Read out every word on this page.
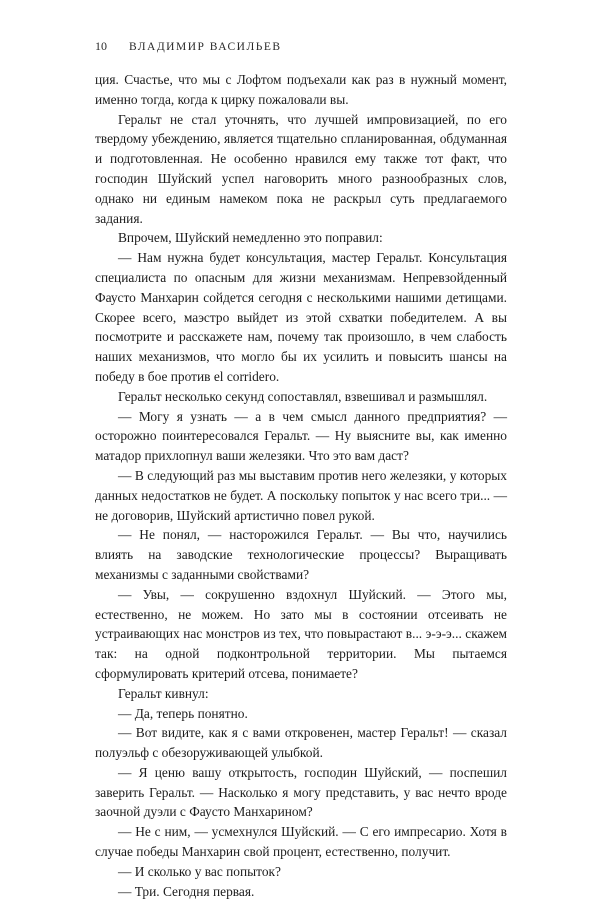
10 ВЛАДИМИР ВАСИЛЬЕВ

ция. Счастье, что мы с Лофтом подъехали как раз в нужный момент, именно тогда, когда к цирку пожаловали вы.

Геральт не стал уточнять, что лучшей импровизацией, по его твердому убеждению, является тщательно спланированная, обдуманная и подготовленная. Не особенно нравился ему также тот факт, что господин Шуйский успел наговорить много разнообразных слов, однако ни единым намеком пока не раскрыл суть предлагаемого задания.

Впрочем, Шуйский немедленно это поправил:

— Нам нужна будет консультация, мастер Геральт. Консультация специалиста по опасным для жизни механизмам. Непревзойденный Фаусто Манхарин сойдется сегодня с несколькими нашими детищами. Скорее всего, маэстро выйдет из этой схватки победителем. А вы посмотрите и расскажете нам, почему так произошло, в чем слабость наших механизмов, что могло бы их усилить и повысить шансы на победу в бое против el corridero.

Геральт несколько секунд сопоставлял, взвешивал и размышлял.

— Могу я узнать — а в чем смысл данного предприятия? — осторожно поинтересовался Геральт. — Ну выясните вы, как именно матадор прихлопнул ваши железяки. Что это вам даст?

— В следующий раз мы выставим против него железяки, у которых данных недостатков не будет. А поскольку попыток у нас всего три... — не договорив, Шуйский артистично повел рукой.

— Не понял, — насторожился Геральт. — Вы что, научились влиять на заводские технологические процессы? Выращивать механизмы с заданными свойствами?

— Увы, — сокрушенно вздохнул Шуйский. — Этого мы, естественно, не можем. Но зато мы в состоянии отсеивать не устраивающих нас монстров из тех, что повырастают в... э-э-э... скажем так: на одной подконтрольной территории. Мы пытаемся сформулировать критерий отсева, понимаете?

Геральт кивнул:

— Да, теперь понятно.

— Вот видите, как я с вами откровенен, мастер Геральт! — сказал полуэльф с обезоруживающей улыбкой.

— Я ценю вашу открытость, господин Шуйский, — поспешил заверить Геральт. — Насколько я могу представить, у вас нечто вроде заочной дуэли с Фаусто Манхарином?

— Не с ним, — усмехнулся Шуйский. — С его импресарио. Хотя в случае победы Манхарин свой процент, естественно, получит.

— И сколько у вас попыток?

— Три. Сегодня первая.
